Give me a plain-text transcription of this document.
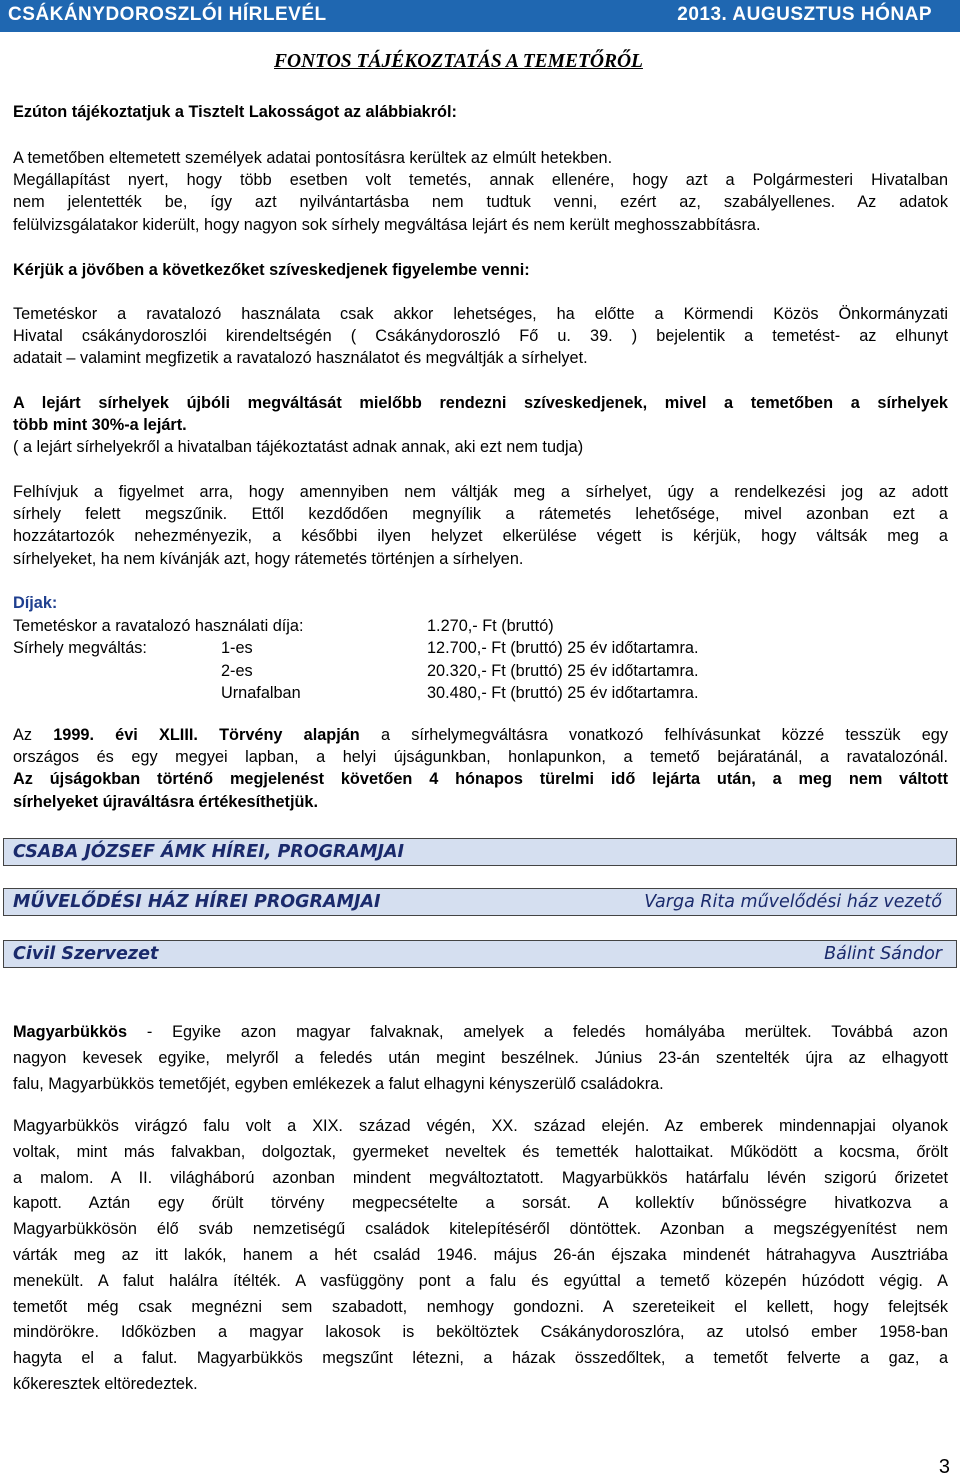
CSÁKÁNYDOROSZLÓI HÍRLEVÉL	2013. AUGUSZTUS HÓNAP
FONTOS TÁJÉKOZTATÁS A TEMETŐRŐL
Ezúton tájékoztatjuk a Tisztelt Lakosságot az alábbiakról:
A temetőben eltemetett személyek adatai pontosításra kerültek az elmúlt hetekben.
Megállapítást nyert, hogy több esetben volt temetés, annak ellenére, hogy azt a Polgármesteri Hivatalban
nem jelentették be, így azt nyilvántartásba nem tudtuk venni, ezért az, szabályellenes. Az adatok
felülvizsgálatakor kiderült, hogy nagyon sok sírhely megváltása lejárt és nem került meghosszabbításra.
Kérjük a jövőben a következőket szíveskedjenek figyelembe venni:
Temetéskor a ravatalozó használata csak akkor lehetséges, ha előtte a Körmendi Közös Önkormányzati
Hivatal csákánydoroszlói kirendeltségén ( Csákánydoroszló Fő u. 39. ) bejelentik a temetést- az elhunyt
adatait – valamint megfizetik a ravatalozó használatot és megváltják a sírhelyet.
A lejárt sírhelyek újbóli megváltását mielőbb rendezni szíveskedjenek, mivel a temetőben a sírhelyek
több mint 30%-a lejárt.
( a lejárt sírhelyekről a hivatalban tájékoztatást adnak annak, aki ezt nem tudja)
Felhívjuk a figyelmet arra, hogy amennyiben nem váltják meg a sírhelyet, úgy a rendelkezési jog az adott
sírhely felett megszűnik. Ettől kezdődően megnyílik a rátemetés lehetősége, mivel azonban ezt a
hozzátartozók nehezményezik, a későbbi ilyen helyzet elkerülése végett is kérjük, hogy váltsák meg a
sírhelyeket, ha nem kívánják azt, hogy rátemetés történjen a sírhelyen.
Díjak:
Temetéskor a ravatalozó használati díja:	1.270,- Ft (bruttó)
Sírhely megváltás:	1-es	12.700,- Ft (bruttó) 25 év időtartamra.
2-es	20.320,- Ft (bruttó) 25 év időtartamra.
Urnafalban	30.480,- Ft (bruttó) 25 év időtartamra.
Az 1999. évi XLIII. Törvény alapján a sírhelymegváltásra vonatkozó felhívásunkat közzé tesszük egy
országos és egy megyei lapban, a helyi újságunkban, honlapunkon, a temető bejáratánál, a ravatalozónál.
Az újságokban történő megjelenést követően 4 hónapos türelmi idő lejárta után, a meg nem váltott
sírhelyeket újraváltásra értékesíthetjük.
CSABA JÓZSEF ÁMK HÍREI, PROGRAMJAI
MŰVELŐDÉSI HÁZ HÍREI PROGRAMJAI	Varga Rita művelődési ház vezető
Civil Szervezet	Bálint Sándor
Magyarbükkös - Egyike azon magyar falvaknak, amelyek a feledés homályába merültek. Továbbá azon
nagyon kevesek egyike, melyről a feledés után megint beszélnek. Június 23-án szentelték újra az elhagyott
falu, Magyarbükkös temetőjét, egyben emlékezek a falut elhagyni kényszerülő családokra.
Magyarbükkös virágzó falu volt a XIX. század végén, XX. század elején. Az emberek mindennapjai olyanok
voltak, mint más falvakban, dolgoztak, gyermeket neveltek és temették halottaikat. Működött a kocsma, őrölt
a malom. A II. világháború azonban mindent megváltoztatott. Magyarbükkös határfalu lévén szigorú őrizetet
kapott. Aztán egy őrült törvény megpecsételte a sorsát. A kollektív bűnösségre hivatkozva a
Magyarbükkösön élő sváb nemzetiségű családok kitelepítéséről döntöttek. Azonban a megszégyenítést nem
várták meg az itt lakók, hanem a hét család 1946. május 26-án éjszaka mindenét hátrahagyva Ausztriába
menekült. A falut halálra ítélték. A vasfüggöny pont a falu és egyúttal a temető közepén húzódott végig. A
temetőt még csak megnézni sem szabadott, nemhogy gondozni. A szereteikeit el kellett, hogy felejtsék
mindörökre. Időközben a magyar lakosok is beköltöztek Csákánydoroszlóra, az utolsó ember 1958-ban
hagyta el a falut. Magyarbükkös megszűnt létezni, a házak összedőltek, a temetőt felverte a gaz, a
kőkeresztek eltöredeztek.
3
